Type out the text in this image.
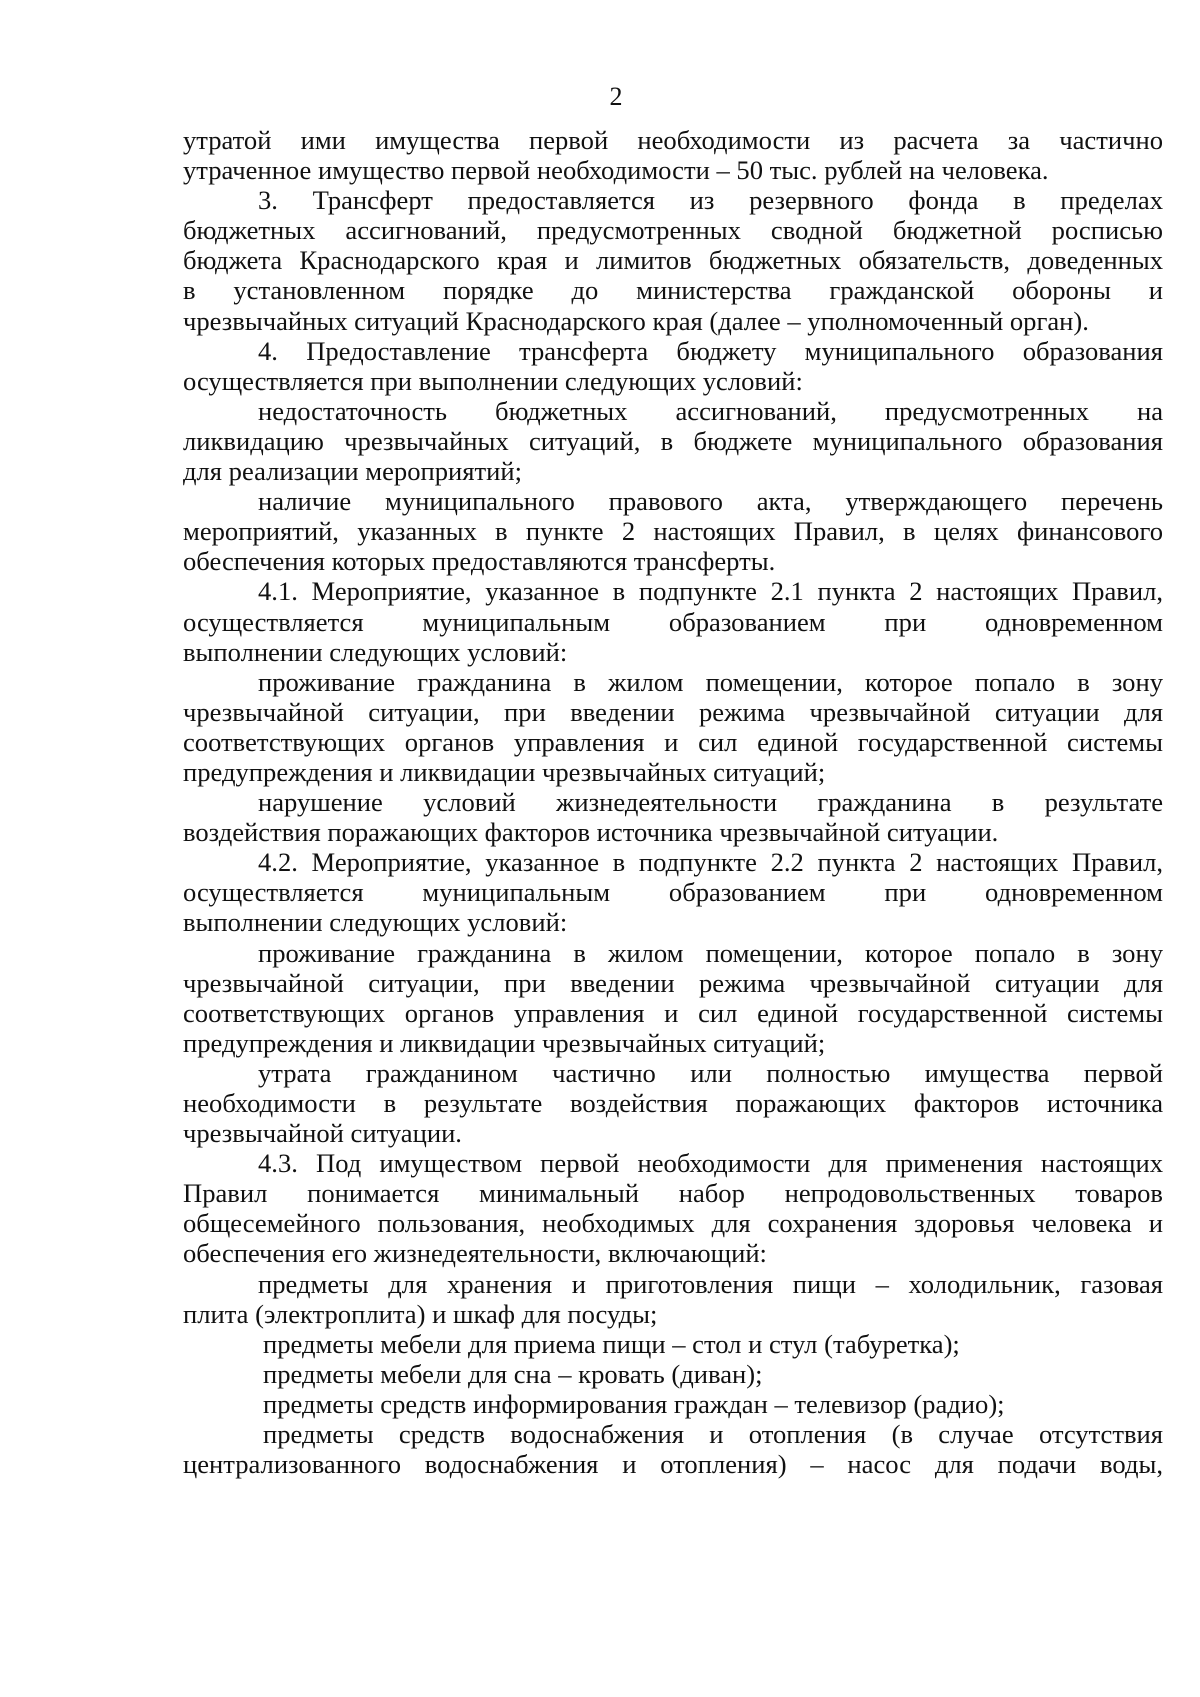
2
утратой ими имущества первой необходимости из расчета за частично
утраченное имущество первой необходимости – 50 тыс. рублей на человека.
3. Трансферт предоставляется из резервного фонда в пределах
бюджетных ассигнований, предусмотренных сводной бюджетной росписью
бюджета Краснодарского края и лимитов бюджетных обязательств, доведенных
в установленном порядке до министерства гражданской обороны и
чрезвычайных ситуаций Краснодарского края (далее – уполномоченный орган).
4. Предоставление трансферта бюджету муниципального образования
осуществляется при выполнении следующих условий:
недостаточность бюджетных ассигнований, предусмотренных на
ликвидацию чрезвычайных ситуаций, в бюджете муниципального образования
для реализации мероприятий;
наличие муниципального правового акта, утверждающего перечень
мероприятий, указанных в пункте 2 настоящих Правил, в целях финансового
обеспечения которых предоставляются трансферты.
4.1. Мероприятие, указанное в подпункте 2.1 пункта 2 настоящих Правил,
осуществляется муниципальным образованием при одновременном
выполнении следующих условий:
проживание гражданина в жилом помещении, которое попало в зону
чрезвычайной ситуации, при введении режима чрезвычайной ситуации для
соответствующих органов управления и сил единой государственной системы
предупреждения и ликвидации чрезвычайных ситуаций;
нарушение условий жизнедеятельности гражданина в результате
воздействия поражающих факторов источника чрезвычайной ситуации.
4.2. Мероприятие, указанное в подпункте 2.2 пункта 2 настоящих Правил,
осуществляется муниципальным образованием при одновременном
выполнении следующих условий:
проживание гражданина в жилом помещении, которое попало в зону
чрезвычайной ситуации, при введении режима чрезвычайной ситуации для
соответствующих органов управления и сил единой государственной системы
предупреждения и ликвидации чрезвычайных ситуаций;
утрата гражданином частично или полностью имущества первой
необходимости в результате воздействия поражающих факторов источника
чрезвычайной ситуации.
4.3. Под имуществом первой необходимости для применения настоящих
Правил понимается минимальный набор непродовольственных товаров
общесемейного пользования, необходимых для сохранения здоровья человека и
обеспечения его жизнедеятельности, включающий:
предметы для хранения и приготовления пищи – холодильник, газовая
плита (электроплита) и шкаф для посуды;
предметы мебели для приема пищи – стол и стул (табуретка);
предметы мебели для сна – кровать (диван);
предметы средств информирования граждан – телевизор (радио);
предметы средств водоснабжения и отопления (в случае отсутствия
централизованного водоснабжения и отопления) – насос для подачи воды,
